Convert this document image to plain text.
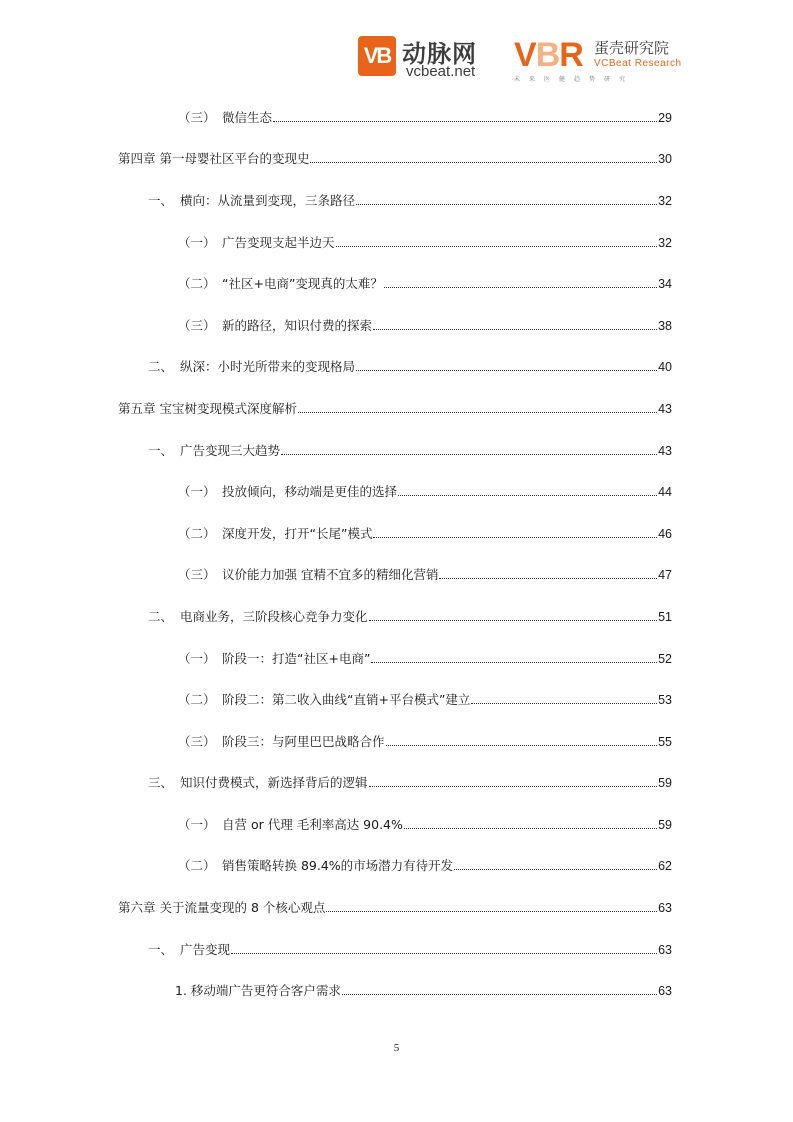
VB 动脉网
vcbeat.net VBR 蛋壳研究院
VCBeat Research
未来医健趋势研究
（三） 微信生态	29
第四章 第一母婴社区平台的变现史	30
一、 横向：从流量到变现，三条路径	32
（一） 广告变现支起半边天	32
（二） “社区+电商”变现真的太难？	34
（三） 新的路径，知识付费的探索	38
二、 纵深：小时光所带来的变现格局	40
第五章 宝宝树变现模式深度解析	43
一、 广告变现三大趋势	43
（一） 投放倾向，移动端是更佳的选择	44
（二） 深度开发，打开“长尾”模式	46
（三） 议价能力加强 宜精不宜多的精细化营销	47
二、 电商业务，三阶段核心竞争力变化	51
（一） 阶段一：打造“社区+电商”	52
（二） 阶段二：第二收入曲线“直销+平台模式”建立	53
（三） 阶段三：与阿里巴巴战略合作	55
三、 知识付费模式，新选择背后的逻辑	59
（一） 自营 or 代理 毛利率高达 90.4%	59
（二） 销售策略转换 89.4%的市场潜力有待开发	62
第六章 关于流量变现的 8 个核心观点	63
一、 广告变现	63
1. 移动端广告更符合客户需求	63
5
